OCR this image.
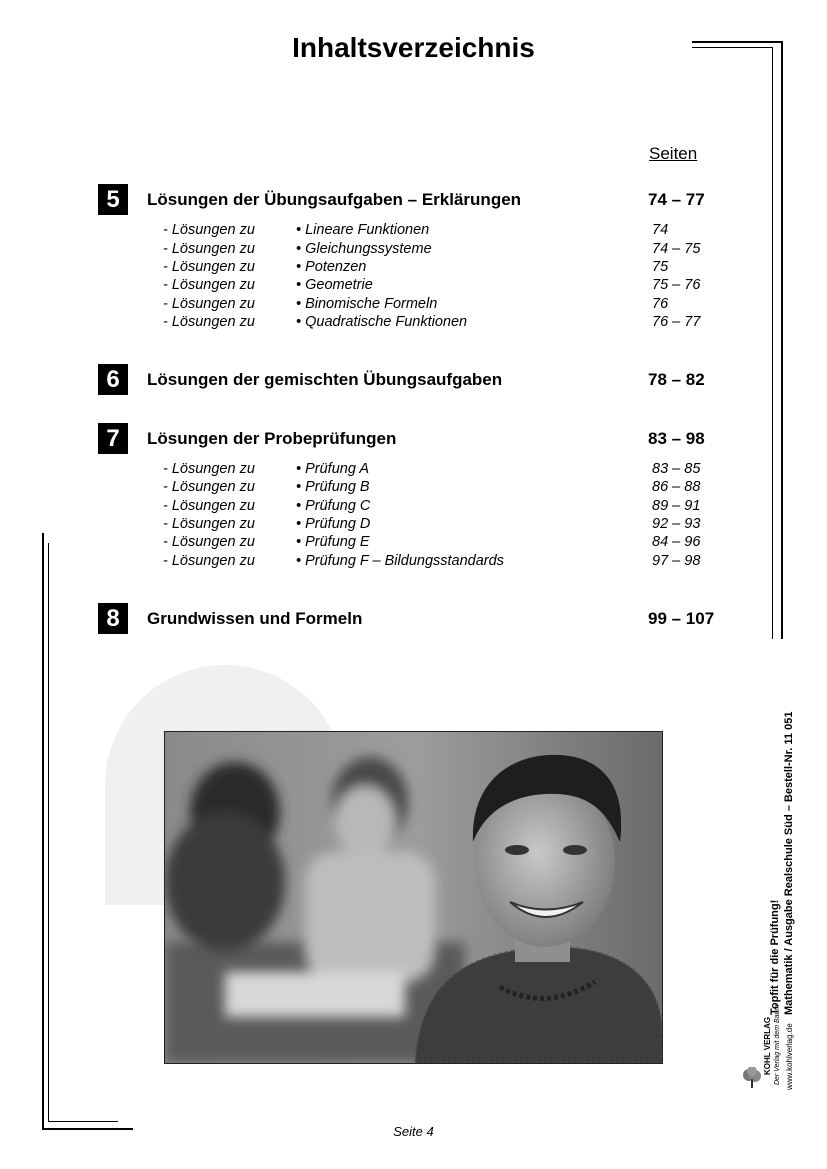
Inhaltsverzeichnis
Seiten
5	Lösungen der Übungsaufgaben – Erklärungen	74 – 77
- Lösungen zu	• Lineare Funktionen	74
- Lösungen zu	• Gleichungssysteme	74 – 75
- Lösungen zu	• Potenzen	75
- Lösungen zu	• Geometrie	75 – 76
- Lösungen zu	• Binomische Formeln	76
- Lösungen zu	• Quadratische Funktionen	76 – 77
6	Lösungen der gemischten Übungsaufgaben	78 – 82
7	Lösungen der Probeprüfungen	83 – 98
- Lösungen zu	• Prüfung A	83 – 85
- Lösungen zu	• Prüfung B	86 – 88
- Lösungen zu	• Prüfung C	89 – 91
- Lösungen zu	• Prüfung D	92 – 93
- Lösungen zu	• Prüfung E	84 – 96
- Lösungen zu	• Prüfung F – Bildungsstandards	97 – 98
8	Grundwissen und Formeln	99 – 107
Topfit für die Prüfung! Mathematik / Ausgabe Realschule Süd – Bestell-Nr. 11 051
www.kohlverlag.de
Der Verlag mit dem Baum
KOHL VERLAG
Seite 4
